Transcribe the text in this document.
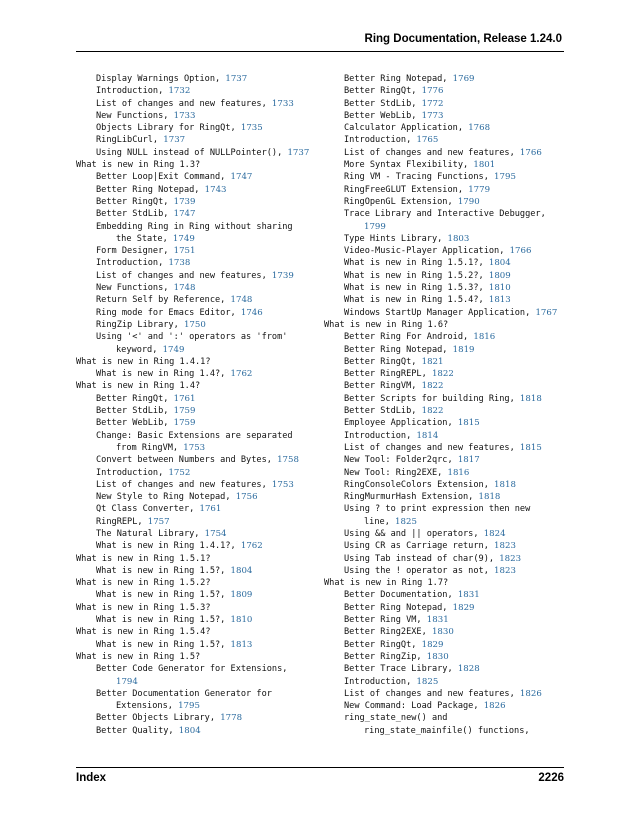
Ring Documentation, Release 1.24.0
Display Warnings Option, 1737
Introduction, 1732
List of changes and new features, 1733
New Functions, 1733
Objects Library for RingQt, 1735
RingLibCurl, 1737
Using NULL instead of NULLPointer(), 1737
What is new in Ring 1.3?
Better Loop|Exit Command, 1747
Better Ring Notepad, 1743
Better RingQt, 1739
Better StdLib, 1747
Embedding Ring in Ring without sharing
the State, 1749
Form Designer, 1751
Introduction, 1738
List of changes and new features, 1739
New Functions, 1748
Return Self by Reference, 1748
Ring mode for Emacs Editor, 1746
RingZip Library, 1750
Using '<' and ':' operators as 'from'
keyword, 1749
What is new in Ring 1.4.1?
What is new in Ring 1.4?, 1762
What is new in Ring 1.4?
Better RingQt, 1761
Better StdLib, 1759
Better WebLib, 1759
Change: Basic Extensions are separated
from RingVM, 1753
Convert between Numbers and Bytes, 1758
Introduction, 1752
List of changes and new features, 1753
New Style to Ring Notepad, 1756
Qt Class Converter, 1761
RingREPL, 1757
The Natural Library, 1754
What is new in Ring 1.4.1?, 1762
What is new in Ring 1.5.1?
What is new in Ring 1.5?, 1804
What is new in Ring 1.5.2?
What is new in Ring 1.5?, 1809
What is new in Ring 1.5.3?
What is new in Ring 1.5?, 1810
What is new in Ring 1.5.4?
What is new in Ring 1.5?, 1813
What is new in Ring 1.5?
Better Code Generator for Extensions,
1794
Better Documentation Generator for
Extensions, 1795
Better Objects Library, 1778
Better Quality, 1804
Better Ring Notepad, 1769
Better RingQt, 1776
Better StdLib, 1772
Better WebLib, 1773
Calculator Application, 1768
Introduction, 1765
List of changes and new features, 1766
More Syntax Flexibility, 1801
Ring VM - Tracing Functions, 1795
RingFreeGLUT Extension, 1779
RingOpenGL Extension, 1790
Trace Library and Interactive Debugger,
1799
Type Hints Library, 1803
Video-Music-Player Application, 1766
What is new in Ring 1.5.1?, 1804
What is new in Ring 1.5.2?, 1809
What is new in Ring 1.5.3?, 1810
What is new in Ring 1.5.4?, 1813
Windows StartUp Manager Application, 1767
What is new in Ring 1.6?
Better Ring For Android, 1816
Better Ring Notepad, 1819
Better RingQt, 1821
Better RingREPL, 1822
Better RingVM, 1822
Better Scripts for building Ring, 1818
Better StdLib, 1822
Employee Application, 1815
Introduction, 1814
List of changes and new features, 1815
New Tool: Folder2qrc, 1817
New Tool: Ring2EXE, 1816
RingConsoleColors Extension, 1818
RingMurmurHash Extension, 1818
Using ? to print expression then new
line, 1825
Using && and || operators, 1824
Using CR as Carriage return, 1823
Using Tab instead of char(9), 1823
Using the ! operator as not, 1823
What is new in Ring 1.7?
Better Documentation, 1831
Better Ring Notepad, 1829
Better Ring VM, 1831
Better Ring2EXE, 1830
Better RingQt, 1829
Better RingZip, 1830
Better Trace Library, 1828
Introduction, 1825
List of changes and new features, 1826
New Command: Load Package, 1826
ring_state_new() and
ring_state_mainfile() functions,
Index	2226
